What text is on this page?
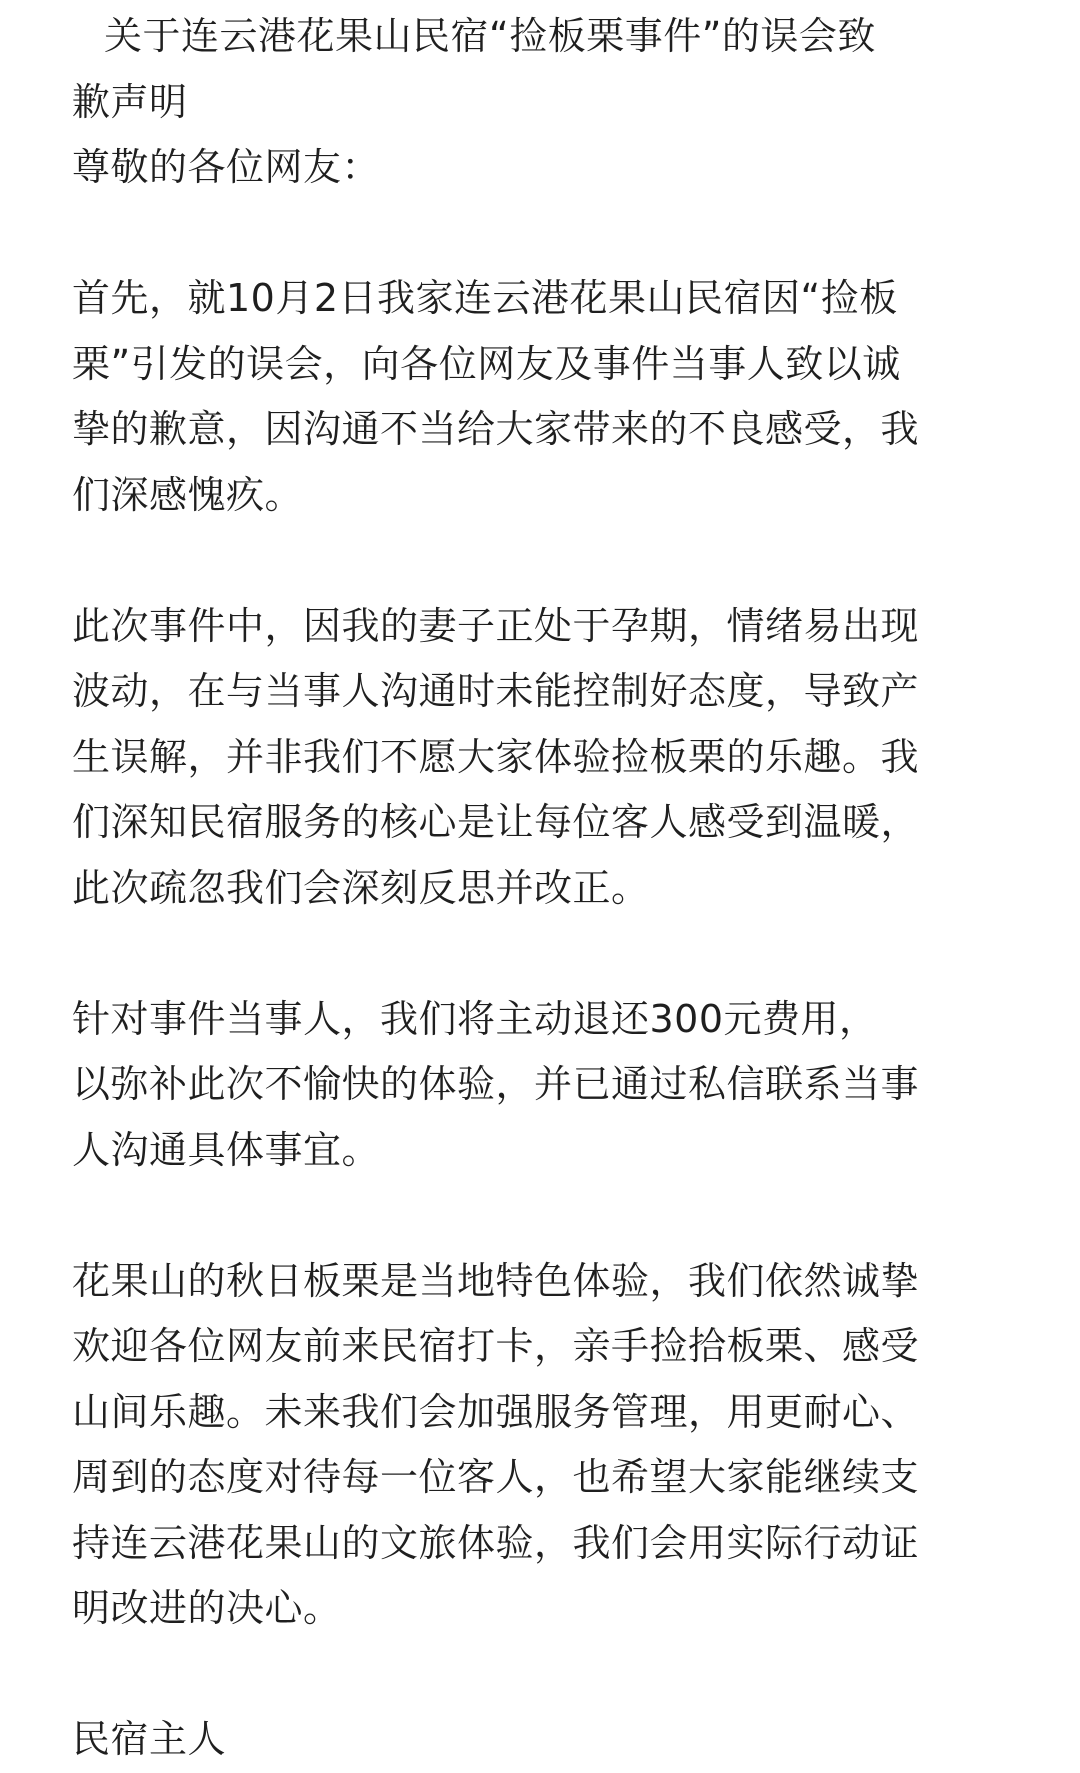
关于连云港花果山民宿“捡板栗事件”的误会致
歉声明
尊敬的各位网友：
首先，就10月2日我家连云港花果山民宿因“捡板
栗”引发的误会，向各位网友及事件当事人致以诚
挚的歉意，因沟通不当给大家带来的不良感受，我
们深感愧疚。
此次事件中，因我的妻子正处于孕期，情绪易出现
波动，在与当事人沟通时未能控制好态度，导致产
生误解，并非我们不愿大家体验捡板栗的乐趣。我
们深知民宿服务的核心是让每位客人感受到温暖，
此次疏忽我们会深刻反思并改正。
针对事件当事人，我们将主动退还300元费用，
以弥补此次不愉快的体验，并已通过私信联系当事
人沟通具体事宜。
花果山的秋日板栗是当地特色体验，我们依然诚挚
欢迎各位网友前来民宿打卡，亲手捡拾板栗、感受
山间乐趣。未来我们会加强服务管理，用更耐心、
周到的态度对待每一位客人，也希望大家能继续支
持连云港花果山的文旅体验，我们会用实际行动证
明改进的决心。
民宿主人
